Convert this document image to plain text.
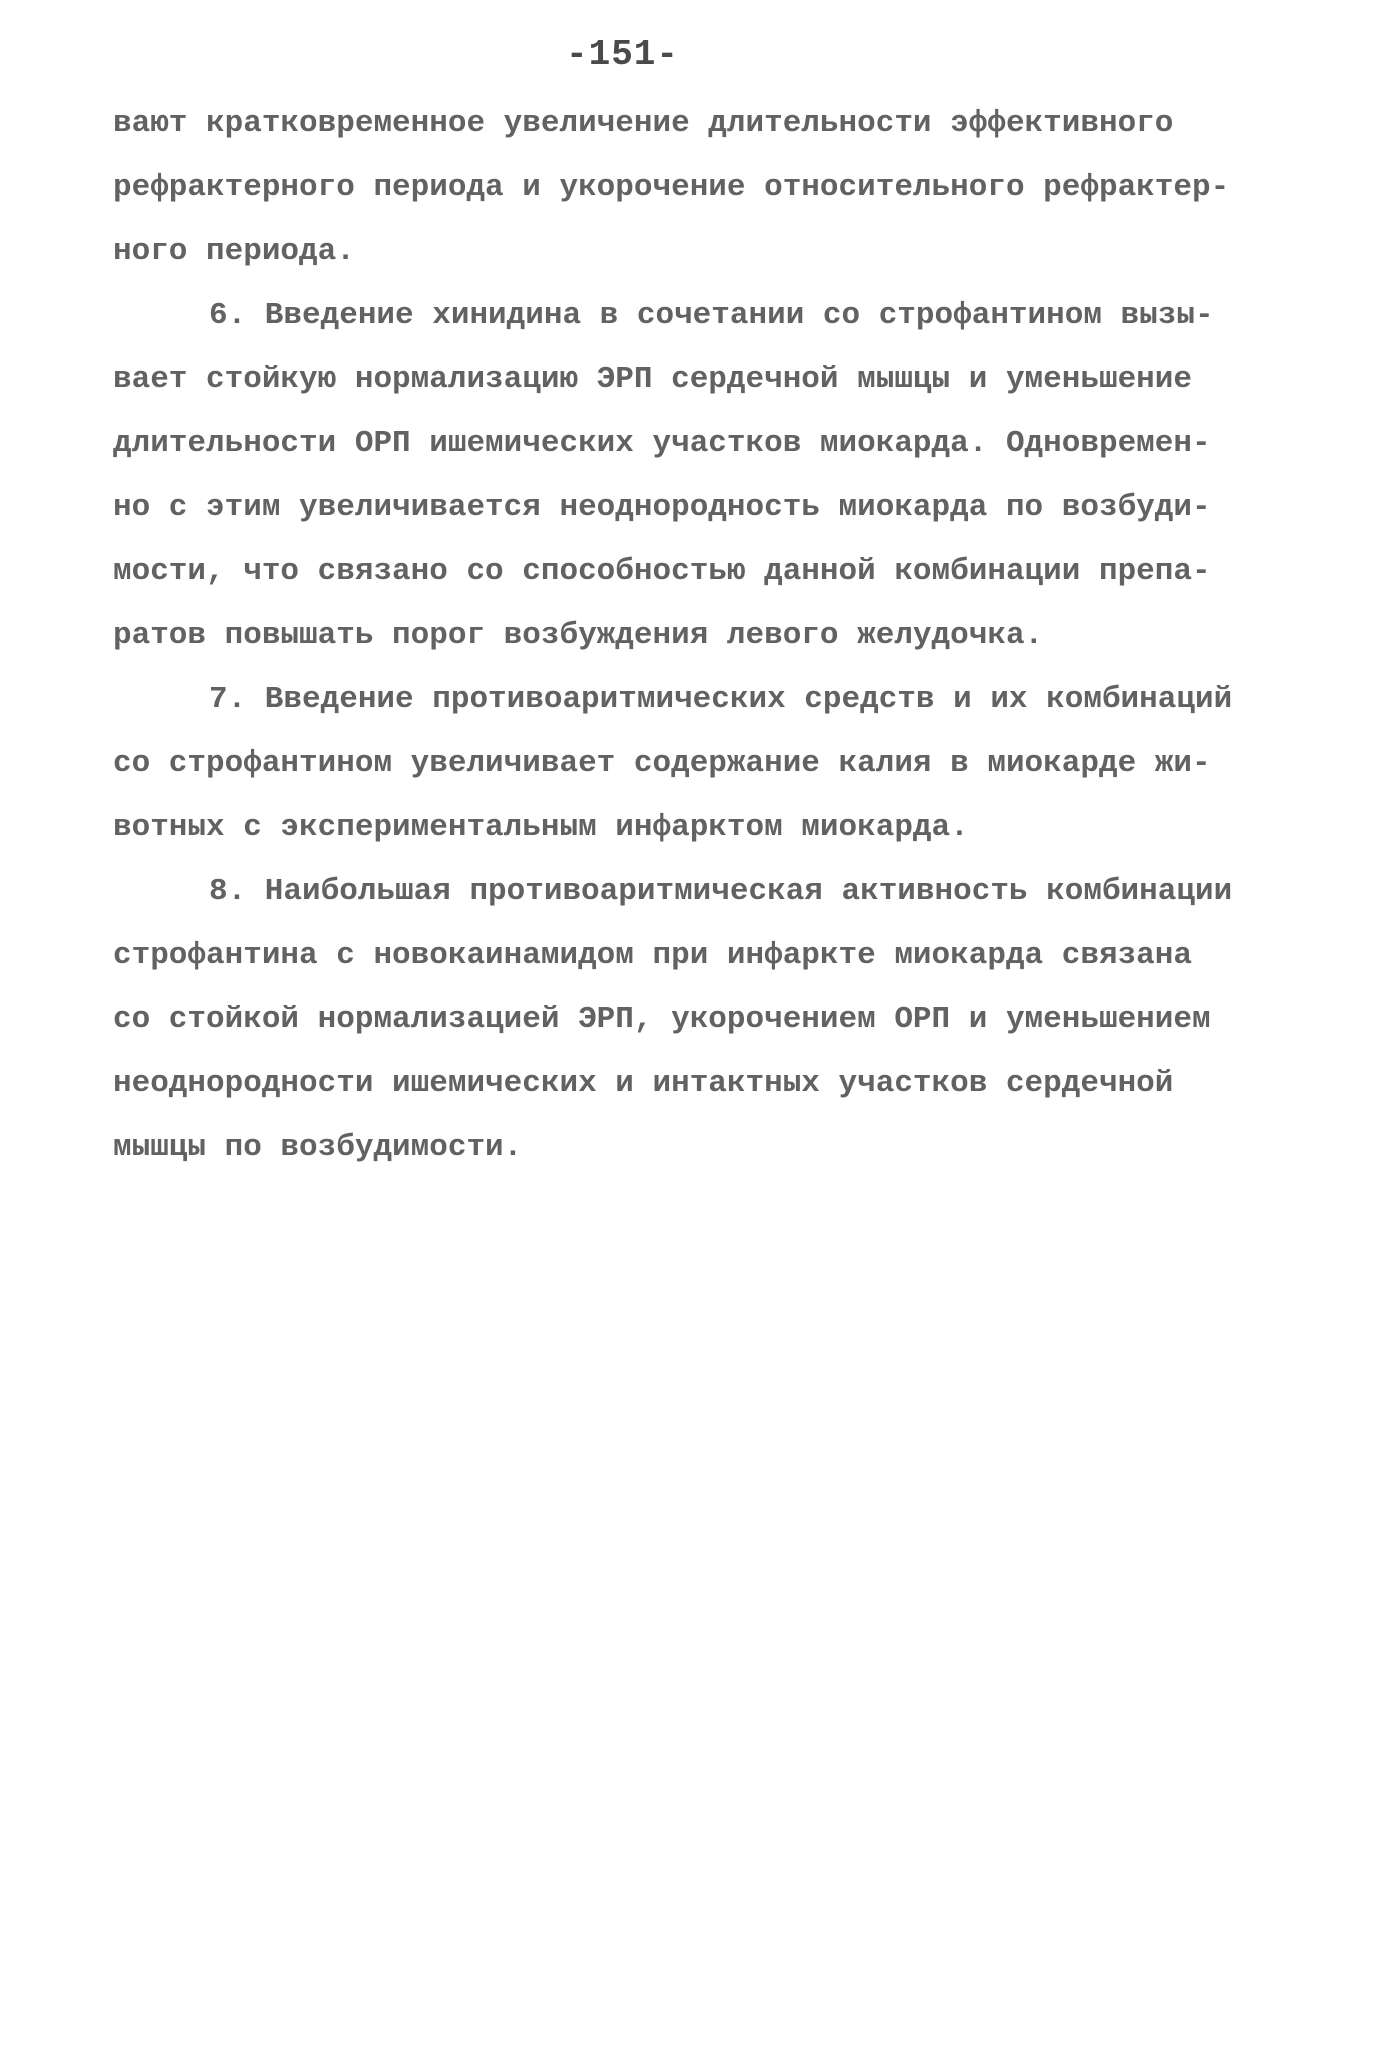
-151-
вают кратковременное увеличение длительности эффективного
рефрактерного периода и укорочение относительного рефрактер-
ного периода.
6. Введение хинидина в сочетании со строфантином вызы-
вает стойкую нормализацию ЭРП сердечной мышцы и уменьшение
длительности ОРП ишемических участков миокарда. Одновремен-
но с этим увеличивается неоднородность миокарда по возбуди-
мости, что связано со способностью данной комбинации препа-
ратов повышать порог возбуждения левого желудочка.
7. Введение противоаритмических средств и их комбинаций
со строфантином увеличивает содержание калия в миокарде жи-
вотных с экспериментальным инфарктом миокарда.
8. Наибольшая противоаритмическая активность комбинации
строфантина с новокаинамидом при инфаркте миокарда связана
со стойкой нормализацией ЭРП, укорочением ОРП и уменьшением
неоднородности ишемических и интактных участков сердечной
мышцы по возбудимости.
